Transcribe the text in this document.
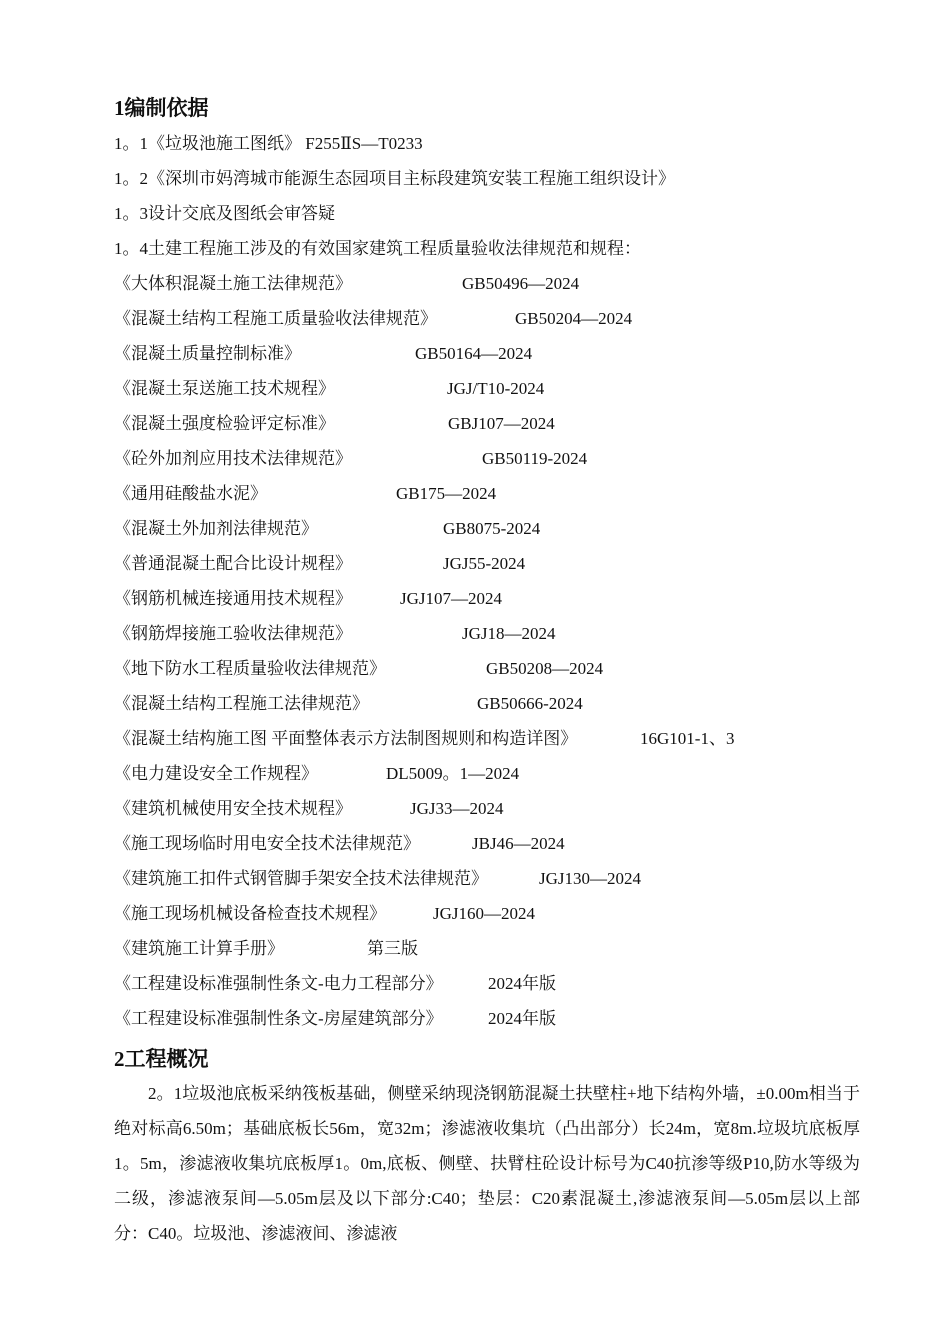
1编制依据
1。1《垃圾池施工图纸》 F255ⅡS—T0233
1。2《深圳市妈湾城市能源生态园项目主标段建筑安装工程施工组织设计》
1。3设计交底及图纸会审答疑
1。4土建工程施工涉及的有效国家建筑工程质量验收法律规范和规程：
《大体积混凝土施工法律规范》	GB50496—2024
《混凝土结构工程施工质量验收法律规范》	GB50204—2024
《混凝土质量控制标准》	GB50164—2024
《混凝土泵送施工技术规程》	JGJ/T10-2024
《混凝土强度检验评定标准》	GBJ107—2024
《砼外加剂应用技术法律规范》	GB50119-2024
《通用硅酸盐水泥》	GB175—2024
《混凝土外加剂法律规范》	GB8075-2024
《普通混凝土配合比设计规程》	JGJ55-2024
《钢筋机械连接通用技术规程》	JGJ107—2024
《钢筋焊接施工验收法律规范》	JGJ18—2024
《地下防水工程质量验收法律规范》	GB50208—2024
《混凝土结构工程施工法律规范》	GB50666-2024
《混凝土结构施工图 平面整体表示方法制图规则和构造详图》	16G101-1、3
《电力建设安全工作规程》	DL5009。1—2024
《建筑机械使用安全技术规程》	JGJ33—2024
《施工现场临时用电安全技术法律规范》	JBJ46—2024
《建筑施工扣件式钢管脚手架安全技术法律规范》	JGJ130—2024
《施工现场机械设备检查技术规程》	JGJ160—2024
《建筑施工计算手册》	第三版
《工程建设标准强制性条文-电力工程部分》	2024年版
《工程建设标准强制性条文-房屋建筑部分》	2024年版
2工程概况
2。1垃圾池底板采纳筏板基础，侧壁采纳现浇钢筋混凝土扶壁柱+地下结构外墙，±0.00m相当于绝对标高6.50m；基础底板长56m，宽32m；渗滤液收集坑（凸出部分）长24m，宽8m.垃圾坑底板厚1。5m，渗滤液收集坑底板厚1。0m,底板、侧壁、扶臂柱砼设计标号为C40抗渗等级P10,防水等级为二级，渗滤液泵间—5.05m层及以下部分:C40；垫层：C20素混凝土,渗滤液泵间—5.05m层以上部分：C40。垃圾池、渗滤液间、渗滤液
